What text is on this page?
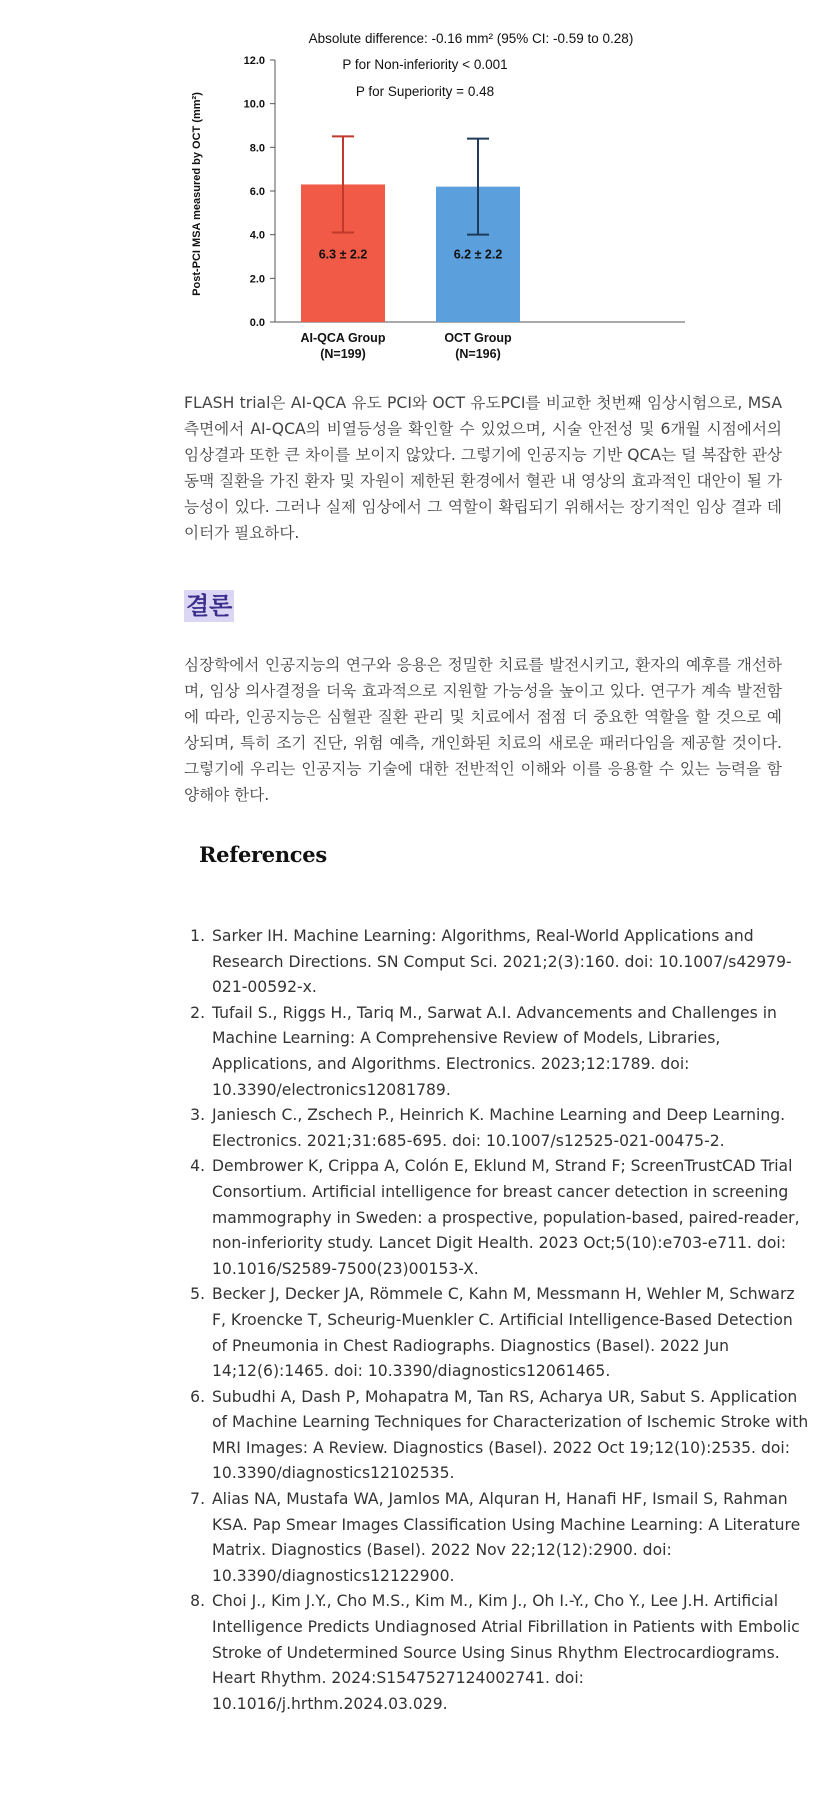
Absolute difference: -0.16 mm² (95% CI: -0.59 to 0.28)
P for Non-inferiority < 0.001
P for Superiority = 0.48
Post-PCI MSA measured by OCT (mm²)
0.0
2.0
4.0
6.0
8.0
10.0
12.0
6.3 ± 2.2	6.2 ± 2.2
AI-QCA Group
(N=199)
OCT Group
(N=196)

FLASH trial은 AI-QCA 유도 PCI와 OCT 유도PCI를 비교한 첫번째 임상시험으로, MSA 측면에서 AI-QCA의 비열등성을 확인할 수 있었으며, 시술 안전성 및 6개월 시점에서의 임상결과 또한 큰 차이를 보이지 않았다. 그렇기에 인공지능 기반 QCA는 덜 복잡한 관상동맥 질환을 가진 환자 및 자원이 제한된 환경에서 혈관 내 영상의 효과적인 대안이 될 가능성이 있다. 그러나 실제 임상에서 그 역할이 확립되기 위해서는 장기적인 임상 결과 데이터가 필요하다.

결론

심장학에서 인공지능의 연구와 응용은 정밀한 치료를 발전시키고, 환자의 예후를 개선하며, 임상 의사결정을 더욱 효과적으로 지원할 가능성을 높이고 있다. 연구가 계속 발전함에 따라, 인공지능은 심혈관 질환 관리 및 치료에서 점점 더 중요한 역할을 할 것으로 예상되며, 특히 조기 진단, 위험 예측, 개인화된 치료의 새로운 패러다임을 제공할 것이다. 그렇기에 우리는 인공지능 기술에 대한 전반적인 이해와 이를 응용할 수 있는 능력을 함양해야 한다.

References
1. Sarker IH. Machine Learning: Algorithms, Real-World Applications and Research Directions. SN Comput Sci. 2021;2(3):160. doi: 10.1007/s42979-021-00592-x.
2. Tufail S., Riggs H., Tariq M., Sarwat A.I. Advancements and Challenges in Machine Learning: A Comprehensive Review of Models, Libraries, Applications, and Algorithms. Electronics. 2023;12:1789. doi: 10.3390/electronics12081789.
3. Janiesch C., Zschech P., Heinrich K. Machine Learning and Deep Learning. Electronics. 2021;31:685-695. doi: 10.1007/s12525-021-00475-2.
4. Dembrower K, Crippa A, Colón E, Eklund M, Strand F; ScreenTrustCAD Trial Consortium. Artificial intelligence for breast cancer detection in screening mammography in Sweden: a prospective, population-based, paired-reader, non-inferiority study. Lancet Digit Health. 2023 Oct;5(10):e703-e711. doi: 10.1016/S2589-7500(23)00153-X.
5. Becker J, Decker JA, Römmele C, Kahn M, Messmann H, Wehler M, Schwarz F, Kroencke T, Scheurig-Muenkler C. Artificial Intelligence-Based Detection of Pneumonia in Chest Radiographs. Diagnostics (Basel). 2022 Jun 14;12(6):1465. doi: 10.3390/diagnostics12061465.
6. Subudhi A, Dash P, Mohapatra M, Tan RS, Acharya UR, Sabut S. Application of Machine Learning Techniques for Characterization of Ischemic Stroke with MRI Images: A Review. Diagnostics (Basel). 2022 Oct 19;12(10):2535. doi: 10.3390/diagnostics12102535.
7. Alias NA, Mustafa WA, Jamlos MA, Alquran H, Hanafi HF, Ismail S, Rahman KSA. Pap Smear Images Classification Using Machine Learning: A Literature Matrix. Diagnostics (Basel). 2022 Nov 22;12(12):2900. doi: 10.3390/diagnostics12122900.
8. Choi J., Kim J.Y., Cho M.S., Kim M., Kim J., Oh I.-Y., Cho Y., Lee J.H. Artificial Intelligence Predicts Undiagnosed Atrial Fibrillation in Patients with Embolic Stroke of Undetermined Source Using Sinus Rhythm Electrocardiograms. Heart Rhythm. 2024:S1547527124002741. doi: 10.1016/j.hrthm.2024.03.029.
